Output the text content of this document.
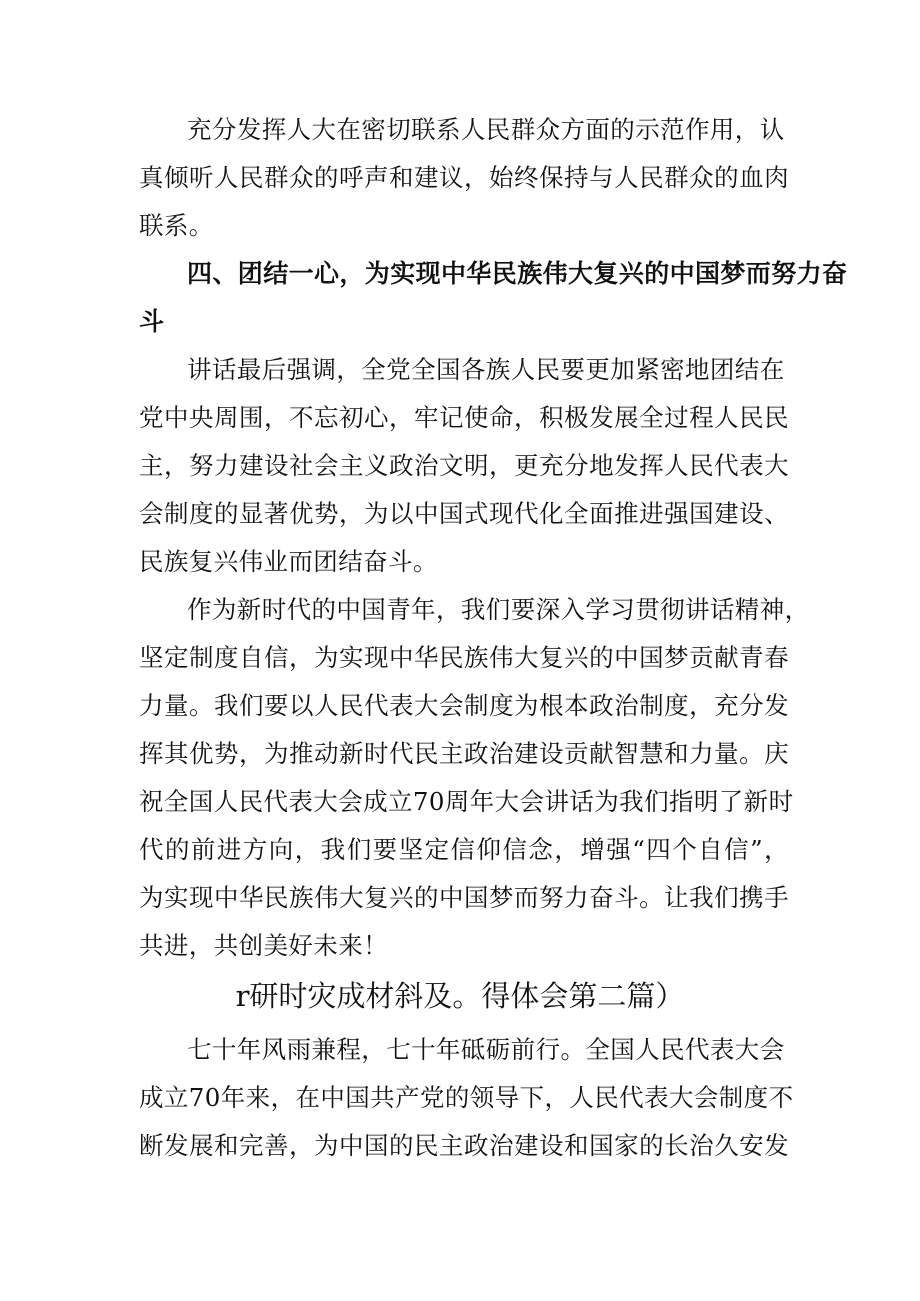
充分发挥人大在密切联系人民群众方面的示范作用，认
真倾听人民群众的呼声和建议，始终保持与人民群众的血肉
联系。
四、团结一心，为实现中华民族伟大复兴的中国梦而努力奋
斗
讲话最后强调，全党全国各族人民要更加紧密地团结在
党中央周围，不忘初心，牢记使命，积极发展全过程人民民
主，努力建设社会主义政治文明，更充分地发挥人民代表大
会制度的显著优势，为以中国式现代化全面推进强国建设、
民族复兴伟业而团结奋斗。
作为新时代的中国青年，我们要深入学习贯彻讲话精神，
坚定制度自信，为实现中华民族伟大复兴的中国梦贡献青春
力量。我们要以人民代表大会制度为根本政治制度，充分发
挥其优势，为推动新时代民主政治建设贡献智慧和力量。庆
祝全国人民代表大会成立70周年大会讲话为我们指明了新时
代的前进方向，我们要坚定信仰信念，增强“四个自信”，
为实现中华民族伟大复兴的中国梦而努力奋斗。让我们携手
共进，共创美好未来！
r研时灾成材斜及。得体会第二篇）
七十年风雨兼程，七十年砥砺前行。全国人民代表大会
成立70年来，在中国共产党的领导下，人民代表大会制度不
断发展和完善，为中国的民主政治建设和国家的长治久安发
